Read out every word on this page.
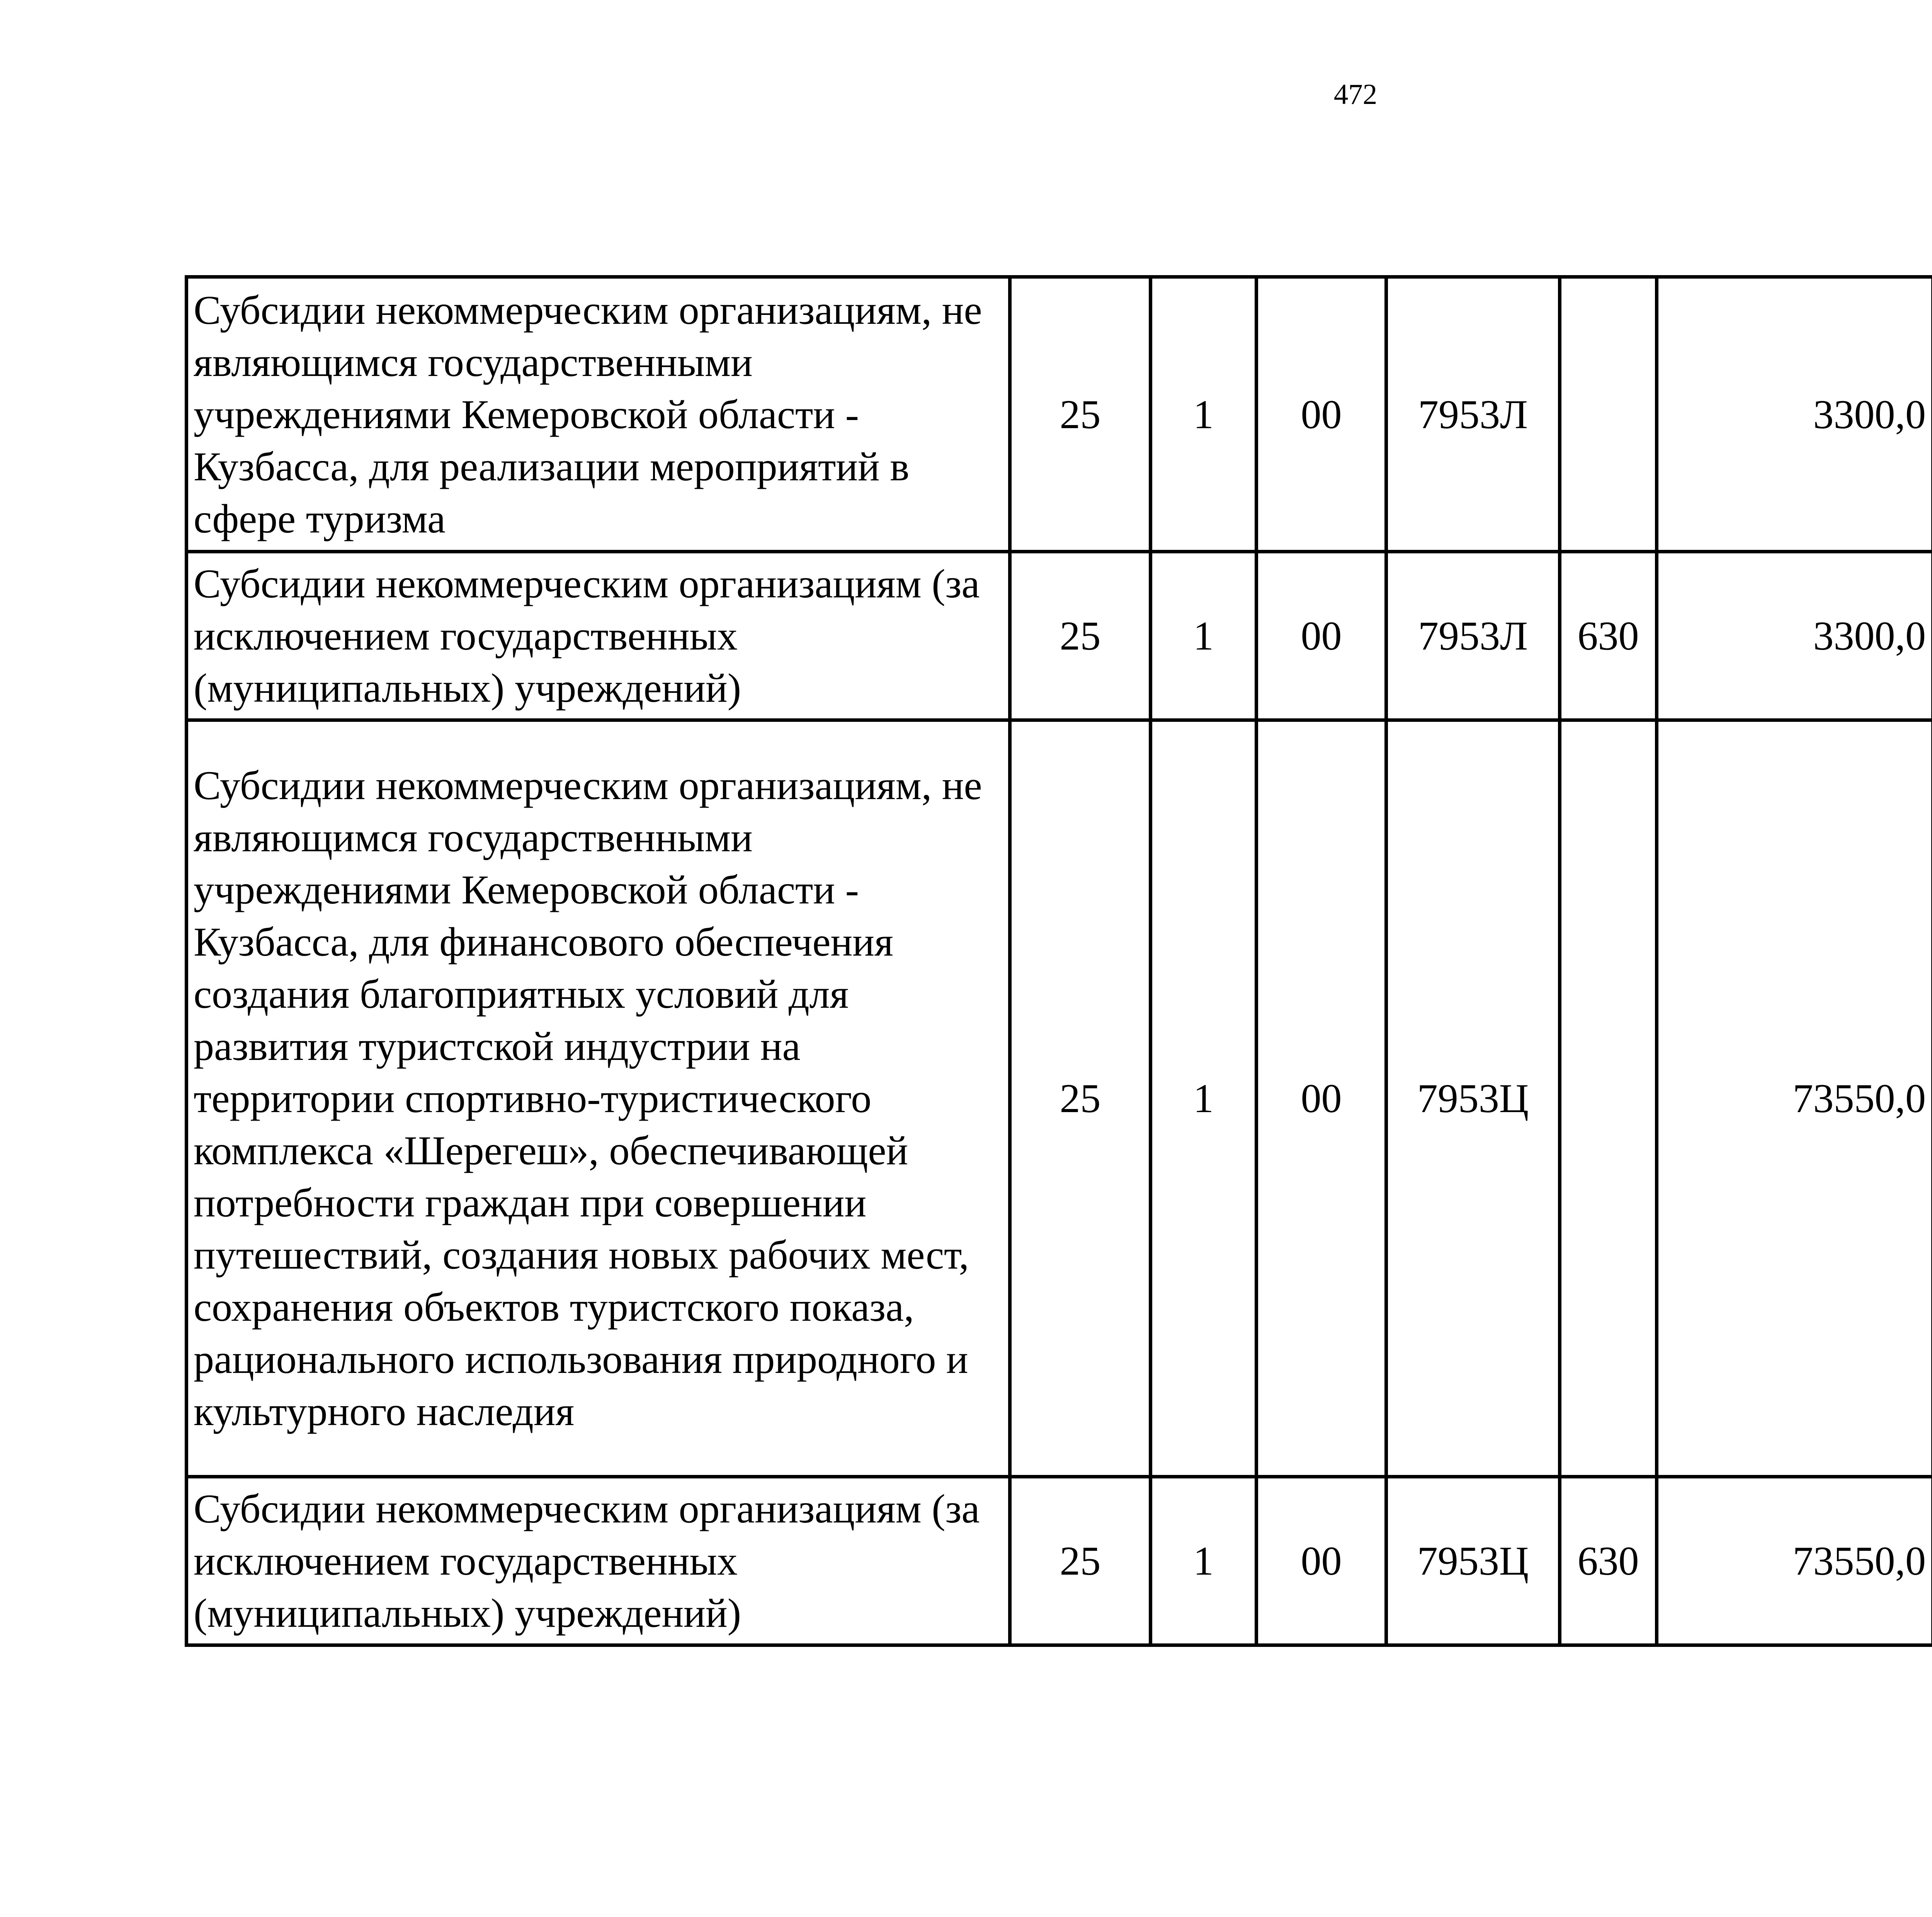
472
Субсидии некоммерческим организациям, не являющимся государственными учреждениями Кемеровской области - Кузбасса, для реализации мероприятий в сфере туризма	25	1	00	7953Л		3300,0		
Субсидии некоммерческим организациям (за исключением государственных (муниципальных) учреждений)	25	1	00	7953Л	630	3300,0		
Субсидии некоммерческим организациям, не являющимся государственными учреждениями Кемеровской области - Кузбасса, для финансового обеспечения создания благоприятных условий для развития туристской индустрии на территории спортивно-туристического комплекса «Шерегеш», обеспечивающей потребности граждан при совершении путешествий, создания новых рабочих мест, сохранения объектов туристского показа, рационального использования природного и культурного наследия	25	1	00	7953Ц		73550,0		
Субсидии некоммерческим организациям (за исключением государственных (муниципальных) учреждений)	25	1	00	7953Ц	630	73550,0		
